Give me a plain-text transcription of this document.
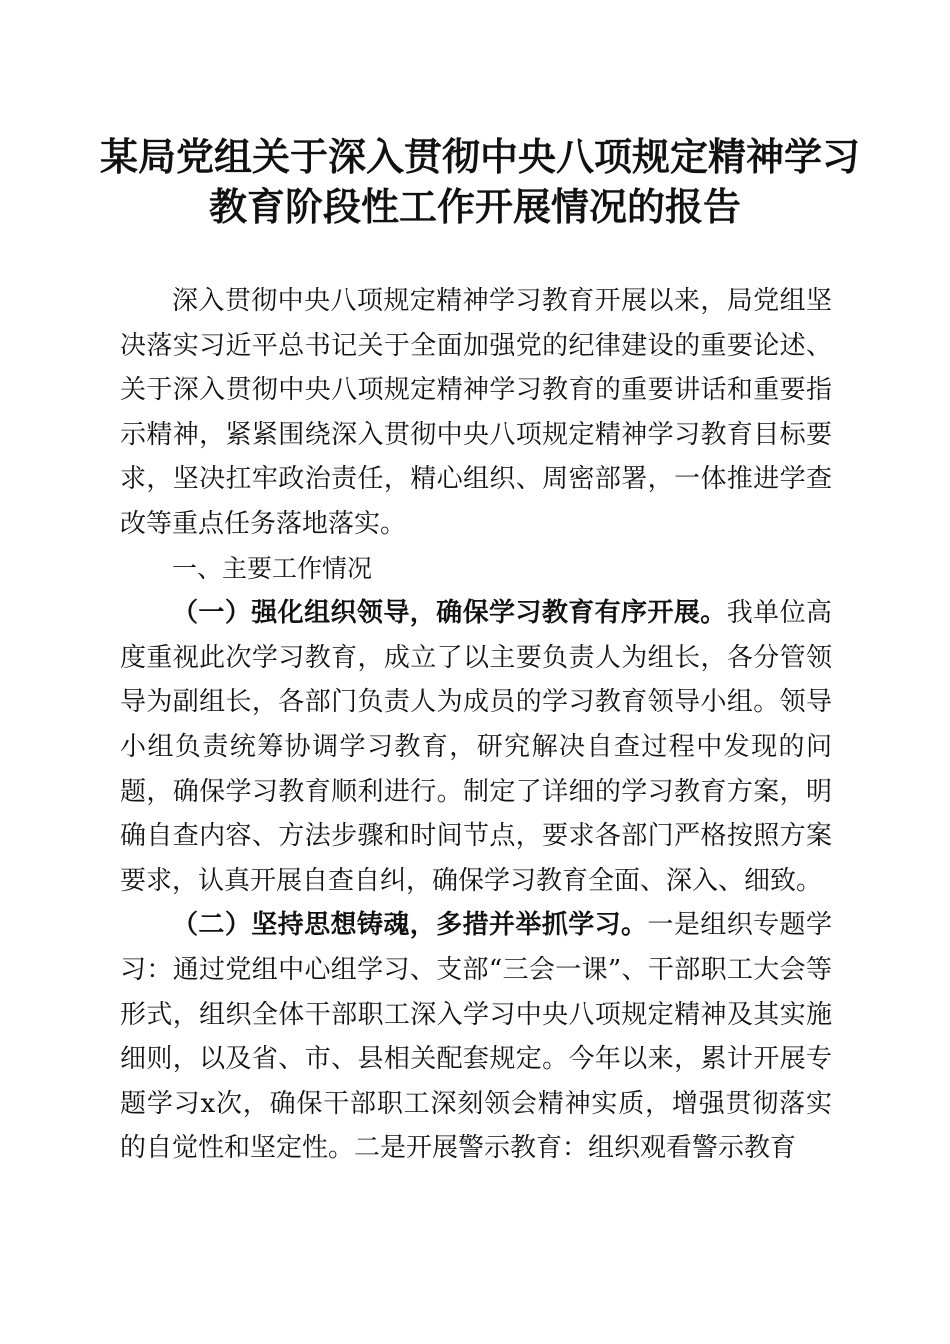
某局党组关于深入贯彻中央八项规定精神学习
教育阶段性工作开展情况的报告

深入贯彻中央八项规定精神学习教育开展以来，局党组坚决落实习近平总书记关于全面加强党的纪律建设的重要论述、关于深入贯彻中央八项规定精神学习教育的重要讲话和重要指示精神，紧紧围绕深入贯彻中央八项规定精神学习教育目标要求，坚决扛牢政治责任，精心组织、周密部署，一体推进学查改等重点任务落地落实。

一、主要工作情况

（一）强化组织领导，确保学习教育有序开展。我单位高度重视此次学习教育，成立了以主要负责人为组长，各分管领导为副组长，各部门负责人为成员的学习教育领导小组。领导小组负责统筹协调学习教育，研究解决自查过程中发现的问题，确保学习教育顺利进行。制定了详细的学习教育方案，明确自查内容、方法步骤和时间节点，要求各部门严格按照方案要求，认真开展自查自纠，确保学习教育全面、深入、细致。

（二）坚持思想铸魂，多措并举抓学习。一是组织专题学习：通过党组中心组学习、支部“三会一课”、干部职工大会等形式，组织全体干部职工深入学习中央八项规定精神及其实施细则，以及省、市、县相关配套规定。今年以来，累计开展专题学习x次，确保干部职工深刻领会精神实质，增强贯彻落实的自觉性和坚定性。二是开展警示教育：组织观看警示教育
